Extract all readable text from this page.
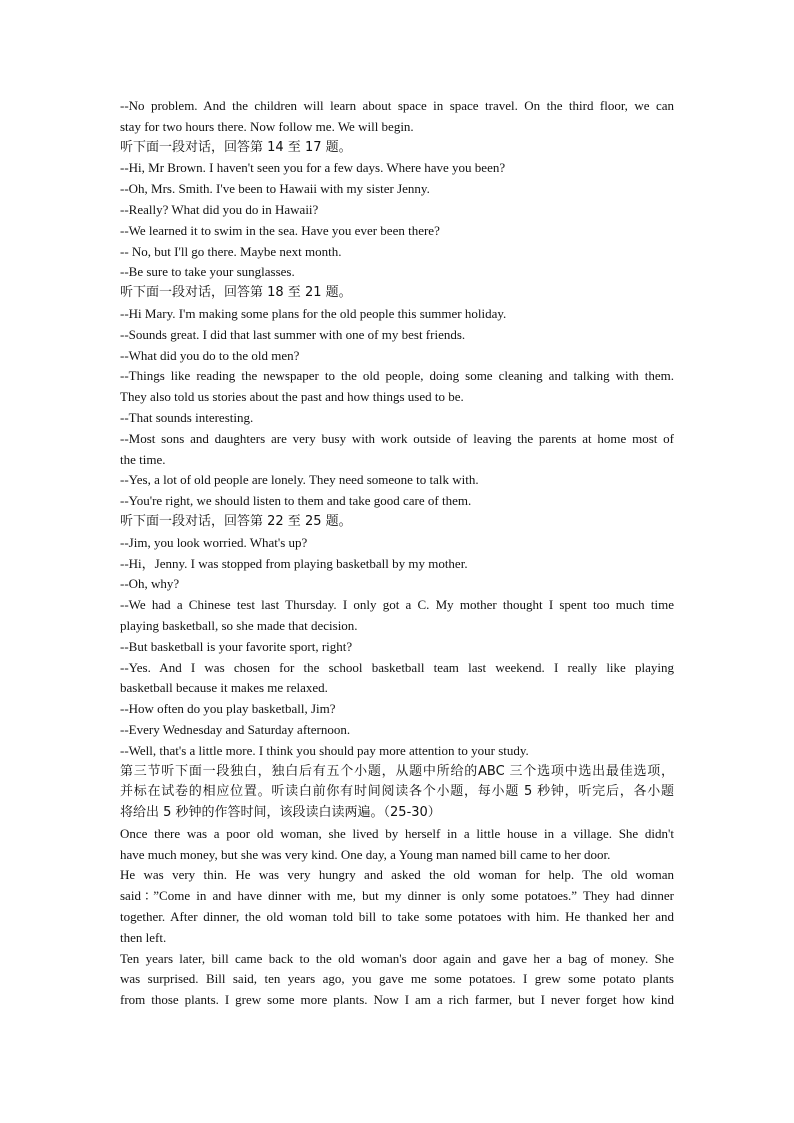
--No problem. And the children will learn about space in space travel. On the third floor, we can

stay for two hours there. Now follow me. We will begin.

听下面一段对话，回答第 14 至 17 题。

--Hi, Mr Brown. I haven't seen you for a few days. Where have you been?

--Oh, Mrs. Smith. I've been to Hawaii with my sister Jenny.

--Really? What did you do in Hawaii?

--We learned it to swim in the sea. Have you ever been there?

-- No, but I'll go there. Maybe next month.

--Be sure to take your sunglasses.

听下面一段对话，回答第 18 至 21 题。

--Hi Mary. I'm making some plans for the old people this summer holiday.

--Sounds great. I did that last summer with one of my best friends.

--What did you do to the old men?

--Things like reading the newspaper to the old people, doing some cleaning and talking with them.

They also told us stories about the past and how things used to be.

--That sounds interesting.

--Most sons and daughters are very busy with work outside of leaving the parents at home most of

the time.

--Yes, a lot of old people are lonely. They need someone to talk with.

--You're right, we should listen to them and take good care of them.

听下面一段对话，回答第 22 至 25 题。

--Jim, you look worried. What's up?

--Hi，Jenny. I was stopped from playing basketball by my mother.

--Oh, why?

--We had a Chinese test last Thursday. I only got a C. My mother thought I spent too much time

playing basketball, so she made that decision.

--But basketball is your favorite sport, right?

--Yes. And I was chosen for the school basketball team last weekend. I really like playing

basketball because it makes me relaxed.

--How often do you play basketball, Jim?

--Every Wednesday and Saturday afternoon.

--Well, that's a little more. I think you should pay more attention to your study.

第三节听下面一段独白，独白后有五个小题，从题中所给的ABC 三个选项中选出最佳选项，

并标在试卷的相应位置。听读白前你有时间阅读各个小题，每小题 5 秒钟，听完后，各小题

将给出 5 秒钟的作答时间，该段读白读两遍。（25-30）

Once there was a poor old woman, she lived by herself in a little house in a village. She didn't

have much money, but she was very kind. One day, a Young man named bill came to her door.

He was very thin. He was very hungry and asked the old woman for help. The old woman

said：”Come in and have dinner with me, but my dinner is only some potatoes.” They had dinner

together. After dinner, the old woman told bill to take some potatoes with him. He thanked her and

then left.

Ten years later, bill came back to the old woman's door again and gave her a bag of money. She

was surprised. Bill said, ten years ago, you gave me some potatoes. I grew some potato plants

from those plants. I grew some more plants. Now I am a rich farmer, but I never forget how kind
